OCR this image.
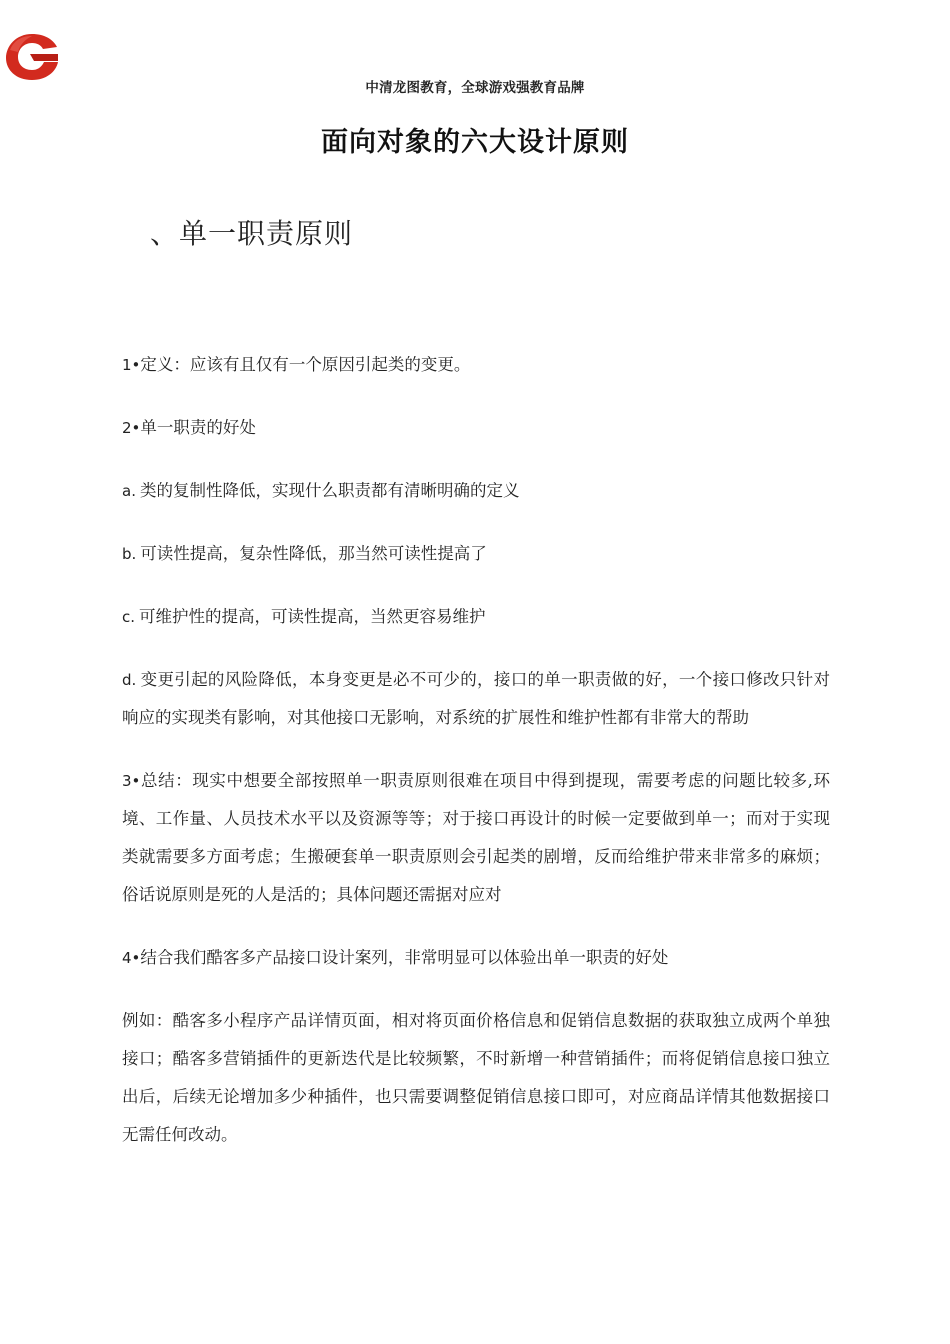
中清龙图教育，全球游戏强教育品牌
面向对象的六大设计原则
、单一职责原则

1•定义：应该有且仅有一个原因引起类的变更。

2•单一职责的好处

a. 类的复制性降低，实现什么职责都有清晰明确的定义

b. 可读性提高，复杂性降低，那当然可读性提高了

c. 可维护性的提高，可读性提高，当然更容易维护

d. 变更引起的风险降低，本身变更是必不可少的，接口的单一职责做的好，一个接口修改只针对响应的实现类有影响，对其他接口无影响，对系统的扩展性和维护性都有非常大的帮助

3•总结：现实中想要全部按照单一职责原则很难在项目中得到提现，需要考虑的问题比较多,环境、工作量、人员技术水平以及资源等等；对于接口再设计的时候一定要做到单一；而对于实现类就需要多方面考虑；生搬硬套单一职责原则会引起类的剧增，反而给维护带来非常多的麻烦；俗话说原则是死的人是活的；具体问题还需据对应对

4•结合我们酷客多产品接口设计案列，非常明显可以体验出单一职责的好处

例如：酷客多小程序产品详情页面，相对将页面价格信息和促销信息数据的获取独立成两个单独接口；酷客多营销插件的更新迭代是比较频繁，不时新增一种营销插件；而将促销信息接口独立出后，后续无论增加多少种插件，也只需要调整促销信息接口即可，对应商品详情其他数据接口无需任何改动。
